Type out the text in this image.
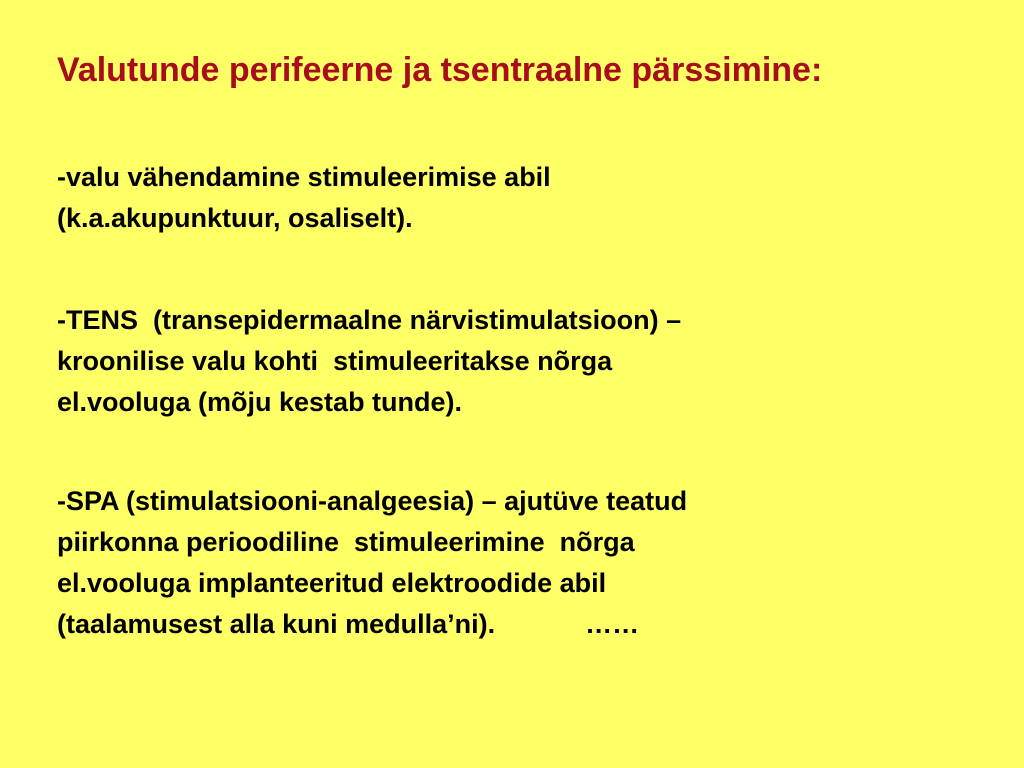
Valutunde perifeerne ja tsentraalne pärssimine:

-valu vähendamine stimuleerimise abil
(k.a.akupunktuur, osaliselt).

-TENS  (transepidermaalne närvistimulatsioon) –
kroonilise valu kohti  stimuleeritakse nõrga
el.vooluga (mõju kestab tunde).

-SPA (stimulatsiooni-analgeesia) – ajutüve teatud
piirkonna perioodiline  stimuleerimine  nõrga
el.vooluga implanteeritud elektroodide abil
(taalamusest alla kuni medulla’ni).            ……
